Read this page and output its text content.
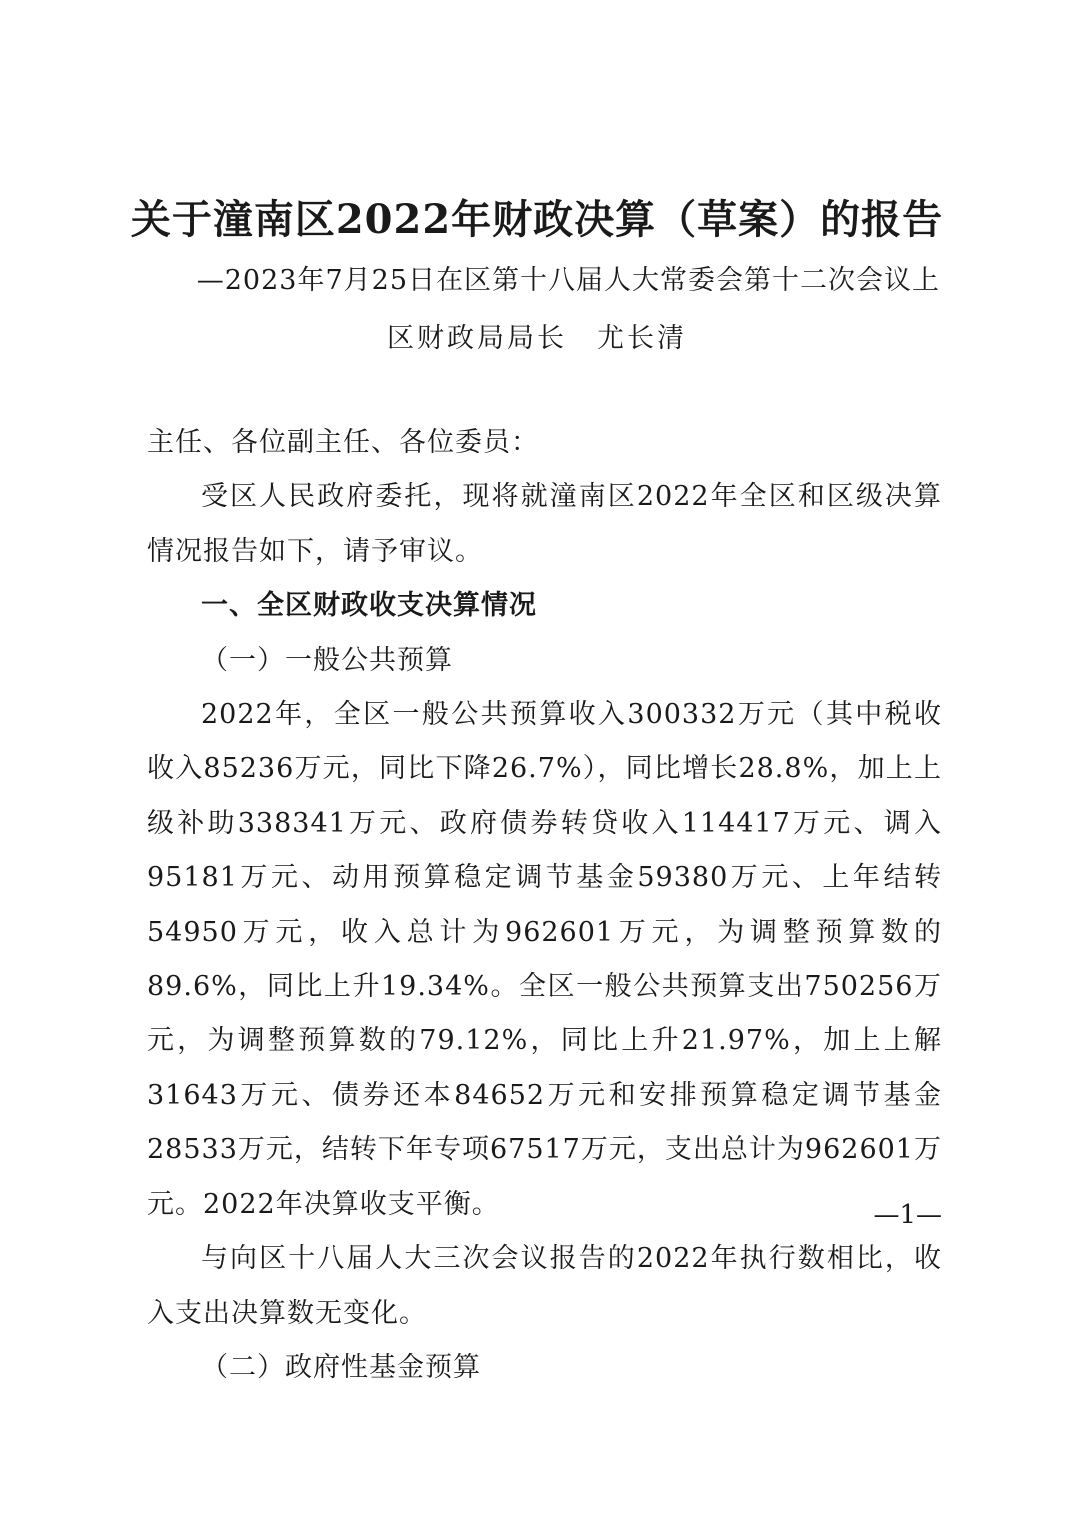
关于潼南区2022年财政决算（草案）的报告
—2023年7月25日在区第十八届人大常委会第十二次会议上
区财政局局长　尤长清

主任、各位副主任、各位委员：

受区人民政府委托，现将就潼南区2022年全区和区级决算情况报告如下，请予审议。

一、全区财政收支决算情况

（一）一般公共预算

2022年，全区一般公共预算收入300332万元（其中税收收入85236万元，同比下降26.7%），同比增长28.8%，加上上级补助338341万元、政府债券转贷收入114417万元、调入95181万元、动用预算稳定调节基金59380万元、上年结转54950万元，收入总计为962601万元，为调整预算数的89.6%，同比上升19.34%。全区一般公共预算支出750256万元，为调整预算数的79.12%，同比上升21.97%，加上上解31643万元、债券还本84652万元和安排预算稳定调节基金28533万元，结转下年专项67517万元，支出总计为962601万元。2022年决算收支平衡。

与向区十八届人大三次会议报告的2022年执行数相比，收入支出决算数无变化。

（二）政府性基金预算

—1—
